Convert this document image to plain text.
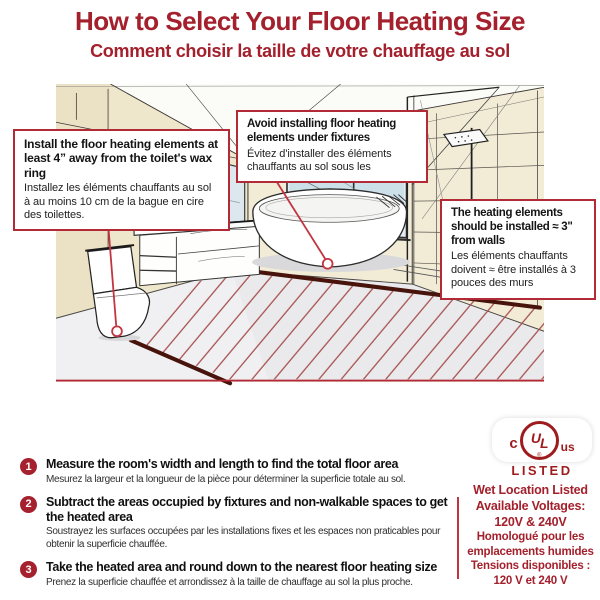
How to Select Your Floor Heating Size
Comment choisir la taille de votre chauffage au sol
Install the floor heating elements at least 4” away from the toilet's wax ring
Installez les éléments chauffants au sol à au moins 10 cm de la bague en cire des toilettes.
Avoid installing floor heating elements under fixtures
Évitez d'installer des éléments chauffants au sol sous les
The heating elements should be installed ≈ 3" from walls
Les éléments chauffants doivent ≈ être installés à 3 pouces des murs
c UL
®
us
LISTED
1	Measure the room's width and length to find the total floor area
Mesurez la largeur et la longueur de la pièce pour déterminer la superficie totale au sol.
2	Subtract the areas occupied by fixtures and non-walkable spaces to get the heated area
Soustrayez les surfaces occupées par les installations fixes et les espaces non praticables pour obtenir la superficie chauffée.
3	Take the heated area and round down to the nearest floor heating size
Prenez la superficie chauffée et arrondissez à la taille de chauffage au sol la plus proche.
Wet Location Listed
Available Voltages: 120V & 240V
Homologué pour les emplacements humides
Tensions disponibles : 120 V et 240 V
